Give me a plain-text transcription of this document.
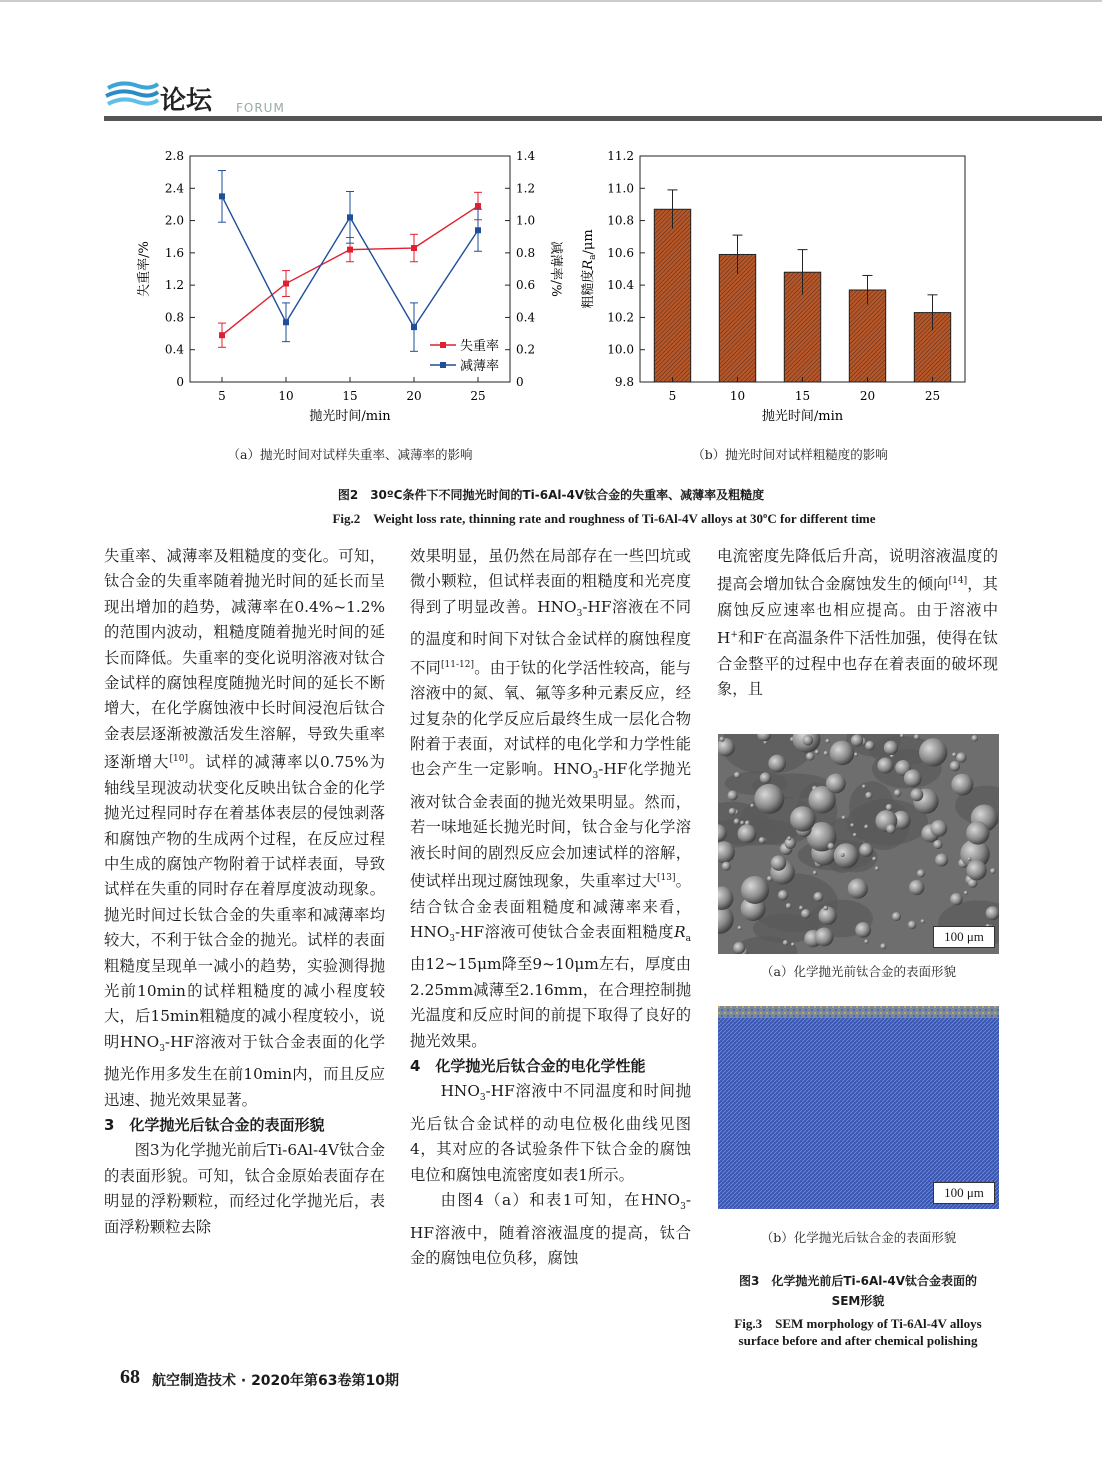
论坛 FORUM
0
0.4
0.8
1.2
1.6
2.0
2.4
2.8
0
0.2
0.4
0.6
0.8
1.0
1.2
1.4
5	10	15	20	25
抛光时间/min
失重率/%	减薄率/%
失重率
减薄率
9.8
10.0
10.2
10.4
10.6
10.8
11.0
11.2
5	10	15	20	25
抛光时间/min
粗糙度$R_a/\mu m$
（a）抛光时间对试样失重率、减薄率的影响	（b）抛光时间对试样粗糙度的影响
图2　30ºC条件下不同抛光时间的Ti-6Al-4V钛合金的失重率、减薄率及粗糙度
Fig.2　Weight loss rate, thinning rate and roughness of Ti-6Al-4V alloys at 30ºC for different time

失重率、减薄率及粗糙度的变化。可知，钛合金的失重率随着抛光时间的延长而呈现出增加的趋势，减薄率在0.4%~1.2%的范围内波动，粗糙度随着抛光时间的延长而降低。失重率的变化说明溶液对钛合金试样的腐蚀程度随抛光时间的延长不断增大，在化学腐蚀液中长时间浸泡后钛合金表层逐渐被激活发生溶解，导致失重率逐渐增大[10]。试样的减薄率以0.75%为轴线呈现波动状变化反映出钛合金的化学抛光过程同时存在着基体表层的侵蚀剥落和腐蚀产物的生成两个过程，在反应过程中生成的腐蚀产物附着于试样表面，导致试样在失重的同时存在着厚度波动现象。抛光时间过长钛合金的失重率和减薄率均较大，不利于钛合金的抛光。试样的表面粗糙度呈现单一减小的趋势，实验测得抛光前10min的试样粗糙度的减小程度较大，后15min粗糙度的减小程度较小，说明$HNO_3-HF$溶液对于钛合金表面的化学抛光作用多发生在前10min内，而且反应迅速、抛光效果显著。

3　化学抛光后钛合金的表面形貌

图3为化学抛光前后Ti-6Al-4V钛合金的表面形貌。可知，钛合金原始表面存在明显的浮粉颗粒，而经过化学抛光后，表面浮粉颗粒去除

效果明显，虽仍然在局部存在一些凹坑或微小颗粒，但试样表面的粗糙度和光亮度得到了明显改善。$HNO_3-HF$溶液在不同的温度和时间下对钛合金试样的腐蚀程度不同[11-12]。由于钛的化学活性较高，能与溶液中的氮、氧、氟等多种元素反应，经过复杂的化学反应后最终生成一层化合物附着于表面，对试样的电化学和力学性能也会产生一定影响。$HNO_3-HF$化学抛光液对钛合金表面的抛光效果明显。然而，若一味地延长抛光时间，钛合金与化学溶液长时间的剧烈反应会加速试样的溶解，使试样出现过腐蚀现象，失重率过大[13]。结合钛合金表面粗糙度和减薄率来看，$HNO_3-HF$溶液可使钛合金表面粗糙度$R_a$由12~15μm降至9~10μm左右，厚度由2.25mm减薄至2.16mm，在合理控制抛光温度和反应时间的前提下取得了良好的抛光效果。

4　化学抛光后钛合金的电化学性能

$HNO_3-HF$溶液中不同温度和时间抛光后钛合金试样的动电位极化曲线见图4，其对应的各试验条件下钛合金的腐蚀电位和腐蚀电流密度如表1所示。

由图4（a）和表1可知，在$HNO_3-HF$溶液中，随着溶液温度的提高，钛合金的腐蚀电位负移，腐蚀

电流密度先降低后升高，说明溶液温度的提高会增加钛合金腐蚀发生的倾向[14]，其腐蚀反应速率也相应提高。由于溶液中H+和F-在高温条件下活性加强，使得在钛合金整平的过程中也存在着表面的破坏现象，且

100 μm
（a）化学抛光前钛合金的表面形貌
100 μm
（b）化学抛光后钛合金的表面形貌
图3　化学抛光前后Ti-6Al-4V钛合金表面的
SEM形貌
Fig.3　SEM morphology of Ti-6Al-4V alloys
surface before and after chemical polishing
68 航空制造技术 · 2020年第63卷第10期
